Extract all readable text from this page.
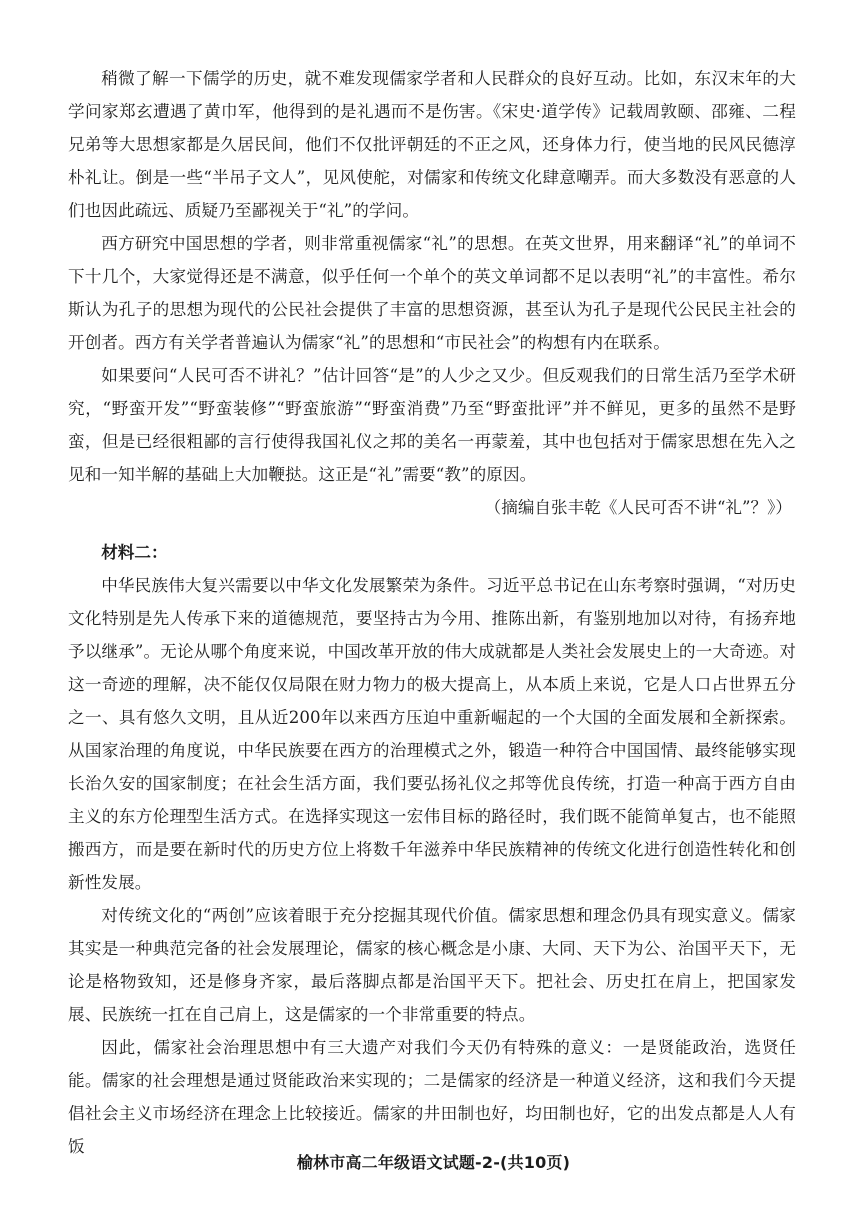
稍微了解一下儒学的历史，就不难发现儒家学者和人民群众的良好互动。比如，东汉末年的大学问家郑玄遭遇了黄巾军，他得到的是礼遇而不是伤害。《宋史·道学传》记载周敦颐、邵雍、二程兄弟等大思想家都是久居民间，他们不仅批评朝廷的不正之风，还身体力行，使当地的民风民德淳朴礼让。倒是一些“半吊子文人”，见风使舵，对儒家和传统文化肆意嘲弄。而大多数没有恶意的人们也因此疏远、质疑乃至鄙视关于“礼”的学问。

西方研究中国思想的学者，则非常重视儒家“礼”的思想。在英文世界，用来翻译“礼”的单词不下十几个，大家觉得还是不满意，似乎任何一个单个的英文单词都不足以表明“礼”的丰富性。希尔斯认为孔子的思想为现代的公民社会提供了丰富的思想资源，甚至认为孔子是现代公民民主社会的开创者。西方有关学者普遍认为儒家“礼”的思想和“市民社会”的构想有内在联系。

如果要问“人民可否不讲礼？”估计回答“是”的人少之又少。但反观我们的日常生活乃至学术研究，“野蛮开发”“野蛮装修”“野蛮旅游”“野蛮消费”乃至“野蛮批评”并不鲜见，更多的虽然不是野蛮，但是已经很粗鄙的言行使得我国礼仪之邦的美名一再蒙羞，其中也包括对于儒家思想在先入之见和一知半解的基础上大加鞭挞。这正是“礼”需要“教”的原因。

（摘编自张丰乾《人民可否不讲“礼”？》）

材料二：

中华民族伟大复兴需要以中华文化发展繁荣为条件。习近平总书记在山东考察时强调，“对历史文化特别是先人传承下来的道德规范，要坚持古为今用、推陈出新，有鉴别地加以对待，有扬弃地予以继承”。无论从哪个角度来说，中国改革开放的伟大成就都是人类社会发展史上的一大奇迹。对这一奇迹的理解，决不能仅仅局限在财力物力的极大提高上，从本质上来说，它是人口占世界五分之一、具有悠久文明，且从近200年以来西方压迫中重新崛起的一个大国的全面发展和全新探索。从国家治理的角度说，中华民族要在西方的治理模式之外，锻造一种符合中国国情、最终能够实现长治久安的国家制度；在社会生活方面，我们要弘扬礼仪之邦等优良传统，打造一种高于西方自由主义的东方伦理型生活方式。在选择实现这一宏伟目标的路径时，我们既不能简单复古，也不能照搬西方，而是要在新时代的历史方位上将数千年滋养中华民族精神的传统文化进行创造性转化和创新性发展。

对传统文化的“两创”应该着眼于充分挖掘其现代价值。儒家思想和理念仍具有现实意义。儒家其实是一种典范完备的社会发展理论，儒家的核心概念是小康、大同、天下为公、治国平天下，无论是格物致知，还是修身齐家，最后落脚点都是治国平天下。把社会、历史扛在肩上，把国家发展、民族统一扛在自己肩上，这是儒家的一个非常重要的特点。

因此，儒家社会治理思想中有三大遗产对我们今天仍有特殊的意义：一是贤能政治，选贤任能。儒家的社会理想是通过贤能政治来实现的；二是儒家的经济是一种道义经济，这和我们今天提倡社会主义市场经济在理念上比较接近。儒家的井田制也好，均田制也好，它的出发点都是人人有饭

榆林市高二年级语文试题-2-(共10页)
